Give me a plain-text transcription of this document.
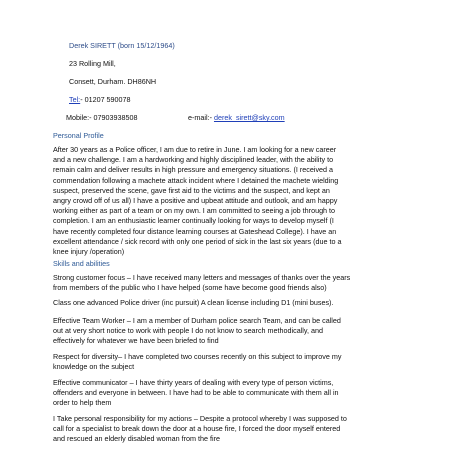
Derek SIRETT (born 15/12/1964)

23 Rolling Mill,

Consett, Durham. DH86NH

Tel:- 01207 590078

Mobile:- 07903938508	e-mail:- derek_sirett@sky.com

Personal Profile

After 30 years as a Police officer, I am due to retire in June. I am looking for a new career
and a new challenge. I am a hardworking and highly disciplined leader, with the ability to
remain calm and deliver results in high pressure and emergency situations. (I received a
commendation following a machete attack incident where I detained the machete wielding
suspect, preserved the scene, gave first aid to the victims and the suspect, and kept an
angry crowd off of us all) I have a positive and upbeat attitude and outlook, and am happy
working either as part of a team or on my own. I am committed to seeing a job through to
completion. I am an enthusiastic learner continually looking for ways to develop myself (I
have recently completed four distance learning courses at Gateshead College). I have an
excellent attendance / sick record with only one period of sick in the last six years (due to a
knee injury /operation)

Skills and abilities

Strong customer focus – I have received many letters and messages of thanks over the years
from members of the public who I have helped (some have become good friends also)
Class one advanced Police driver (inc pursuit) A clean license including D1 (mini buses).
Effective Team Worker – I am a member of Durham police search Team, and can be called
out at very short notice to work with people I do not know to search methodically, and
effectively for whatever we have been briefed to find
Respect for diversity– I have completed two courses recently on this subject to improve my
knowledge on the subject
Effective communicator – I have thirty years of dealing with every type of person victims,
offenders and everyone in between. I have had to be able to communicate with them all in
order to help them
I Take personal responsibility for my actions – Despite a protocol whereby I was supposed to
call for a specialist to break down the door at a house fire, I forced the door myself entered
and rescued an elderly disabled woman from the fire
